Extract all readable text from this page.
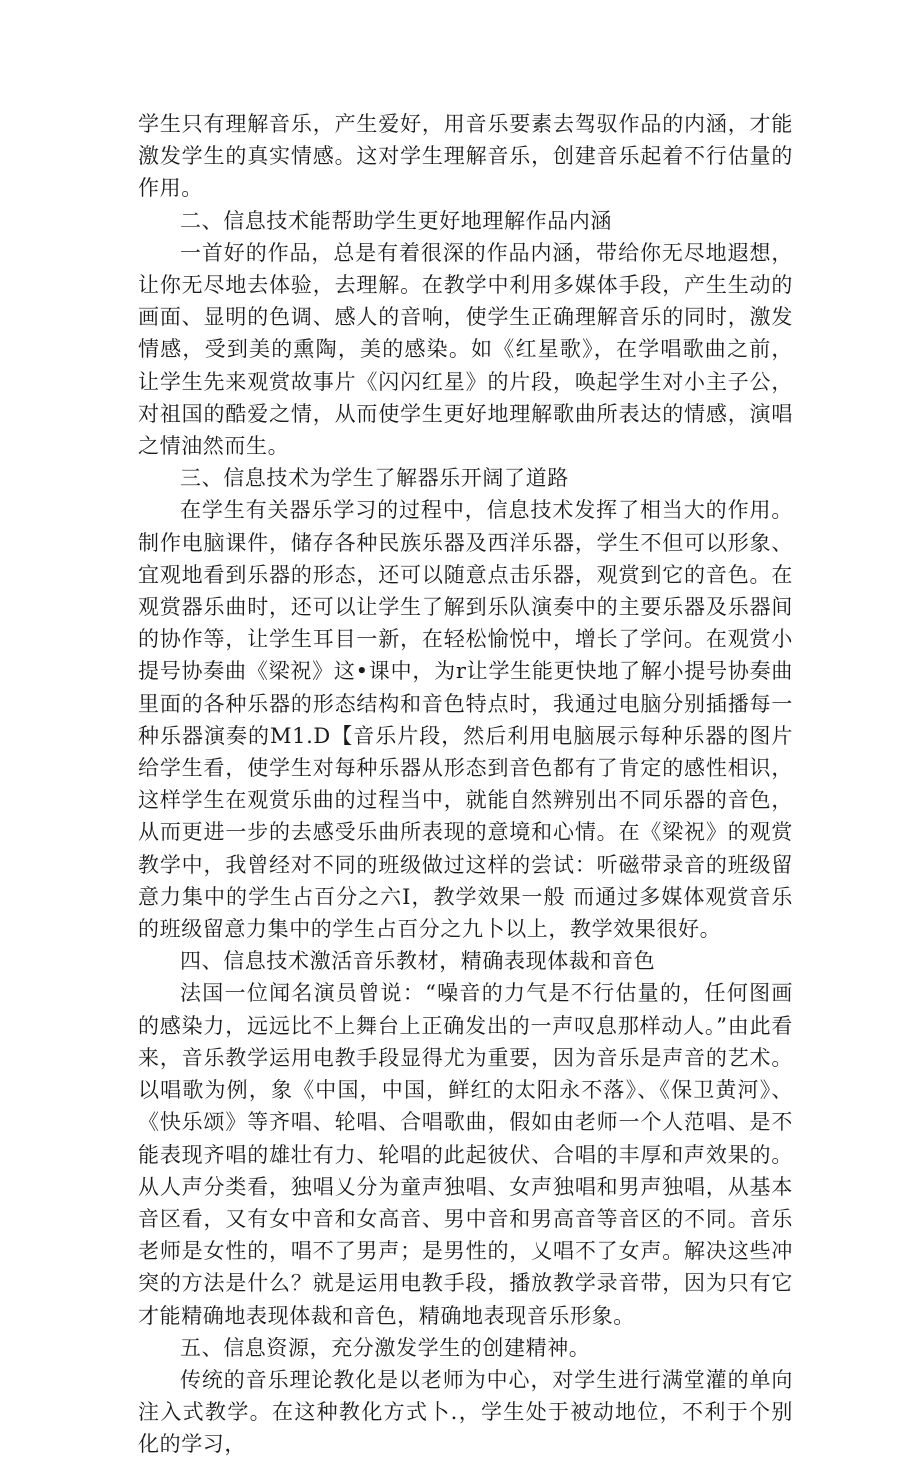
学生只有理解音乐，产生爱好，用音乐要素去驾驭作品的内涵，才能激发学生的真实情感。这对学生理解音乐，创建音乐起着不行估量的作用。

二、信息技术能帮助学生更好地理解作品内涵

一首好的作品，总是有着很深的作品内涵，带给你无尽地遐想，让你无尽地去体验，去理解。在教学中利用多媒体手段，产生生动的画面、显明的色调、感人的音响，使学生正确理解音乐的同时，激发情感，受到美的熏陶，美的感染。如《红星歌》，在学唱歌曲之前，让学生先来观赏故事片《闪闪红星》的片段，唤起学生对小主子公，对祖国的酷爱之情，从而使学生更好地理解歌曲所表达的情感，演唱之情油然而生。

三、信息技术为学生了解器乐开阔了道路

在学生有关器乐学习的过程中，信息技术发挥了相当大的作用。制作电脑课件，储存各种民族乐器及西洋乐器，学生不但可以形象、宜观地看到乐器的形态，还可以随意点击乐器，观赏到它的音色。在观赏器乐曲时，还可以让学生了解到乐队演奏中的主要乐器及乐器间的协作等，让学生耳目一新，在轻松愉悦中，增长了学问。在观赏小提号协奏曲《梁祝》这•课中，为r让学生能更快地了解小提号协奏曲里面的各种乐器的形态结构和音色特点时，我通过电脑分别插播每一种乐器演奏的M1.D【音乐片段，然后利用电脑展示每种乐器的图片给学生看，使学生对每种乐器从形态到音色都有了肯定的感性相识，这样学生在观赏乐曲的过程当中，就能自然辨别出不同乐器的音色，从而更进一步的去感受乐曲所表现的意境和心情。在《梁祝》的观赏教学中，我曾经对不同的班级做过这样的尝试：听磁带录音的班级留意力集中的学生占百分之六I，教学效果一般 而通过多媒体观赏音乐的班级留意力集中的学生占百分之九卜以上，教学效果很好。

四、信息技术激活音乐教材，精确表现体裁和音色

法国一位闻名演员曾说：“噪音的力气是不行估量的，任何图画的感染力，远远比不上舞台上正确发出的一声叹息那样动人。”由此看来，音乐教学运用电教手段显得尤为重要，因为音乐是声音的艺术。以唱歌为例，象《中国，中国，鲜红的太阳永不落》、《保卫黄河》、《快乐颂》等齐唱、轮唱、合唱歌曲，假如由老师一个人范唱、是不能表现齐唱的雄壮有力、轮唱的此起彼伏、合唱的丰厚和声效果的。从人声分类看，独唱乂分为童声独唱、女声独唱和男声独唱，从基本音区看，又有女中音和女高音、男中音和男高音等音区的不同。音乐老师是女性的，唱不了男声；是男性的，乂唱不了女声。解决这些冲突的方法是什么？就是运用电教手段，播放教学录音带，因为只有它才能精确地表现体裁和音色，精确地表现音乐形象。

五、信息资源，充分激发学生的创建精神。

传统的音乐理论教化是以老师为中心，对学生进行满堂灌的单向注入式教学。在这种教化方式卜.，学生处于被动地位，不利于个别化的学习，
